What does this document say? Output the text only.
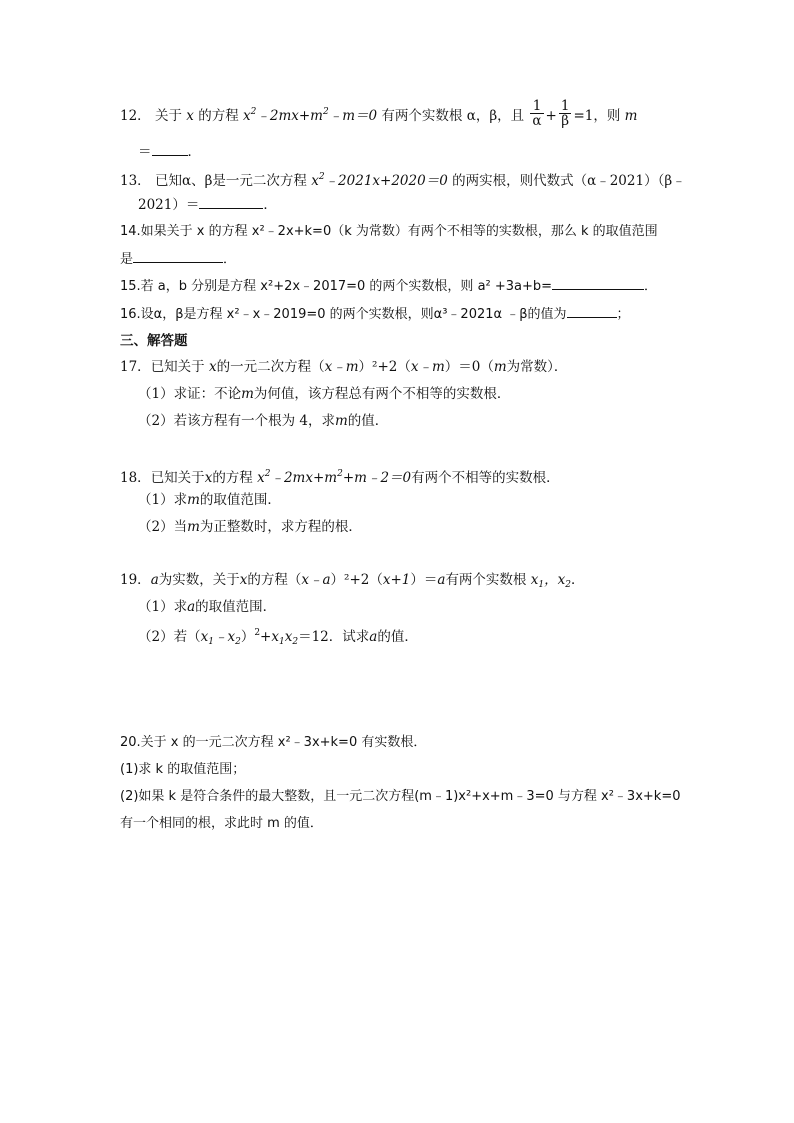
12． 关于 x 的方程 $x^2﹣2mx+m^2﹣m=0$ 有两个实数根 α，β，且 $\frac{1}{\alpha} + \frac{1}{\beta} =1$，则 m
＝	．
13． 已知α、β是一元二次方程 $x^2﹣2021x+2020=0$ 的两实根，则代数式（α﹣2021）（β﹣
2021）＝	．
14.如果关于 x 的方程 x²﹣2x+k=0（k 为常数）有两个不相等的实数根，那么 k 的取值范围
是	．
15.若 a，b 分别是方程 x²+2x﹣2017=0 的两个实数根，则 a² +3a+b=	．
16.设α，β是方程 x²﹣x﹣2019=0 的两个实数根，则α³﹣2021α ﹣β的值为	；
三、解答题
17．已知关于 x的一元二次方程（x﹣m）²+2（x﹣m）＝0（m为常数）．
（1）求证：不论m为何值，该方程总有两个不相等的实数根．
（2）若该方程有一个根为 4，求m的值．
18．已知关于x的方程 $x^2﹣2mx+m^2+m﹣2=0$有两个不相等的实数根．
（1）求m的取值范围．
（2）当m为正整数时，求方程的根．
19．a为实数，关于x的方程（x﹣a）²+2（x+1）＝a有两个实数根 $x_1$，$x_2$．
（1）求a的取值范围．
（2）若$(x_1﹣x_2)^2+x_1x_2=12$．试求a的值．
20.关于 x 的一元二次方程 x²﹣3x+k=0 有实数根．
(1)求 k 的取值范围；
(2)如果 k 是符合条件的最大整数，且一元二次方程(m﹣1)x²+x+m﹣3=0 与方程 x²﹣3x+k=0
有一个相同的根，求此时 m 的值．
